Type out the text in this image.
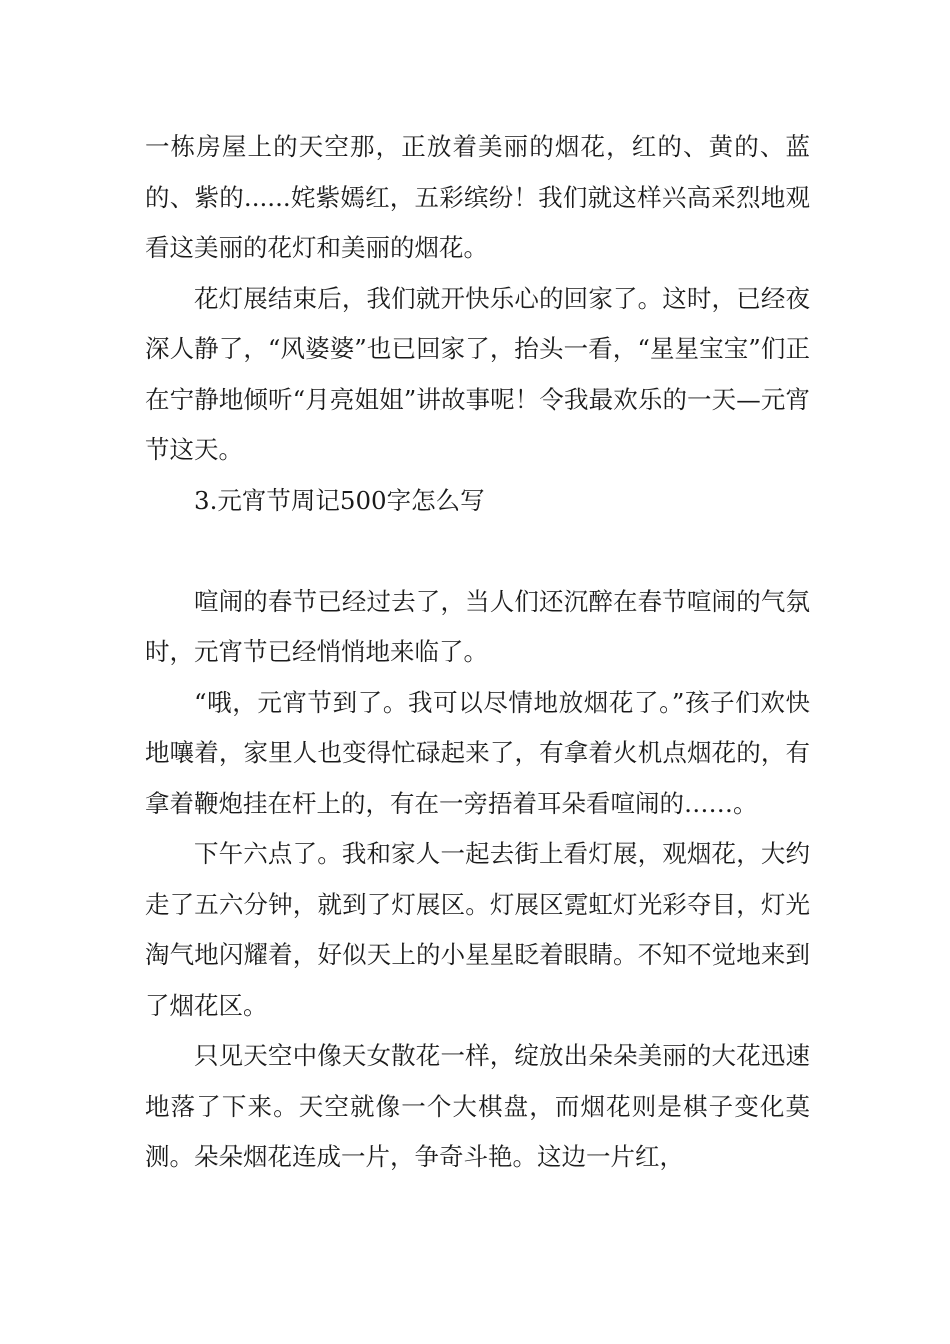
一栋房屋上的天空那，正放着美丽的烟花，红的、黄的、蓝的、紫的......姹紫嫣红，五彩缤纷！我们就这样兴高采烈地观看这美丽的花灯和美丽的烟花。

花灯展结束后，我们就开快乐心的回家了。这时，已经夜深人静了，“风婆婆”也已回家了，抬头一看，“星星宝宝”们正在宁静地倾听“月亮姐姐”讲故事呢！令我最欢乐的一天—元宵节这天。

3.元宵节周记500字怎么写

喧闹的春节已经过去了，当人们还沉醉在春节喧闹的气氛时，元宵节已经悄悄地来临了。

“哦，元宵节到了。我可以尽情地放烟花了。”孩子们欢快地嚷着，家里人也变得忙碌起来了，有拿着火机点烟花的，有拿着鞭炮挂在杆上的，有在一旁捂着耳朵看喧闹的……。

下午六点了。我和家人一起去街上看灯展，观烟花，大约走了五六分钟，就到了灯展区。灯展区霓虹灯光彩夺目，灯光淘气地闪耀着，好似天上的小星星眨着眼睛。不知不觉地来到了烟花区。

只见天空中像天女散花一样，绽放出朵朵美丽的大花迅速地落了下来。天空就像一个大棋盘，而烟花则是棋子变化莫测。朵朵烟花连成一片，争奇斗艳。这边一片红，
